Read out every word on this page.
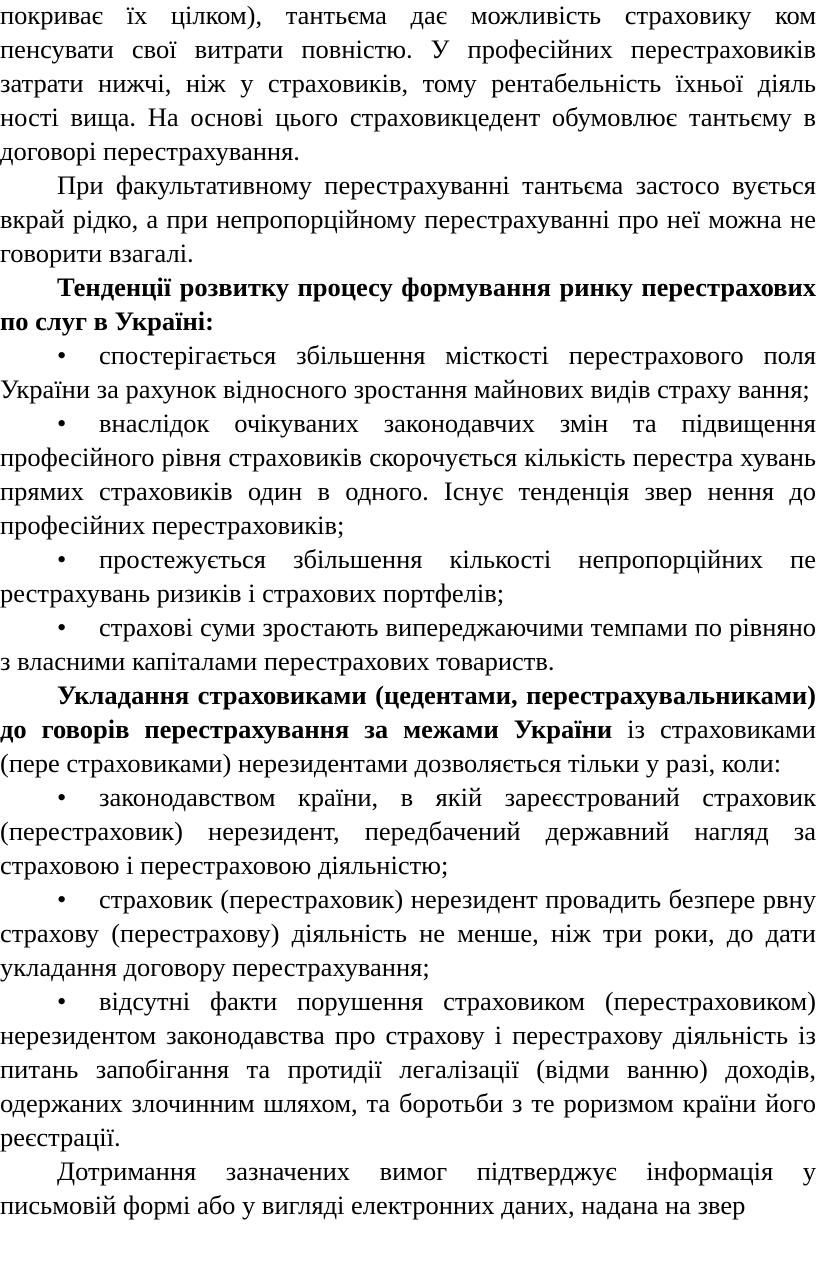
покриває їх цілком), тантьєма дає можливість страховику ком пенсувати свої витрати повністю. У професійних перестраховиків затрати нижчі, ніж у страховиків, тому рентабельність їхньої діяль ності вища. На основі цього страховикцедент обумовлює тантьєму в договорі перестрахування.

При факультативному перестрахуванні тантьєма застосо вується вкрай рідко, а при непропорційному перестрахуванні про неї можна не говорити взагалі.

Тенденції розвитку процесу формування ринку перестрахових по слуг в Україні:

• спостерігається збільшення місткості перестрахового поля України за рахунок відносного зростання майнових видів страху вання;

• внаслідок очікуваних законодавчих змін та підвищення професійного рівня страховиків скорочується кількість перестра хувань прямих страховиків один в одного. Існує тенденція звер нення до професійних перестраховиків;

• простежується збільшення кількості непропорційних пе рестрахувань ризиків і страхових портфелів;

• страхові суми зростають випереджаючими темпами по рівняно з власними капіталами перестрахових товариств.

Укладання страховиками (цедентами, перестрахувальниками) до говорів перестрахування за межами України із страховиками (пере страховиками) нерезидентами дозволяється тільки у разі, коли:

• законодавством країни, в якій зареєстрований страховик (перестраховик) нерезидент, передбачений державний нагляд за страховою і перестраховою діяльністю;

• страховик (перестраховик) нерезидент провадить безпере рвну страхову (перестрахову) діяльність не менше, ніж три роки, до дати укладання договору перестрахування;

• відсутні факти порушення страховиком (перестраховиком) нерезидентом законодавства про страхову і перестрахову діяльність із питань запобігання та протидії легалізації (відми ванню) доходів, одержаних злочинним шляхом, та боротьби з те роризмом країни його реєстрації.

Дотримання зазначених вимог підтверджує інформація у письмовій формі або у вигляді електронних даних, надана на звер
